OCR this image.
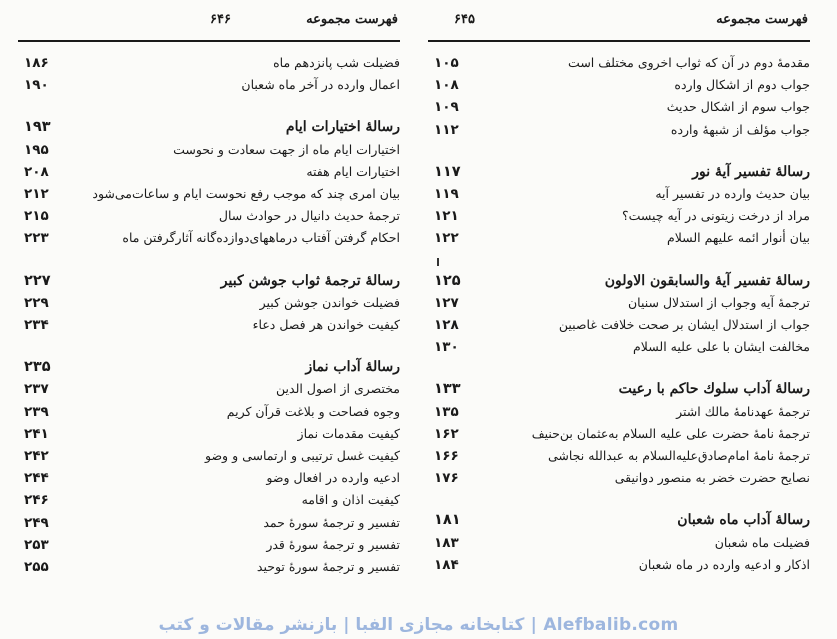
فهرست مجموعه
۶۴۶
فضیلت شب پانزدهم ماه
۱۸۶
اعمال وارده در آخر ماه شعبان
۱۹۰
رسالهٔ اختیارات ایام
۱۹۳
اختیارات ایام ماه از جهت سعادت و نحوست
۱۹۵
اختیارات ایام هفته
۲۰۸
بیان امری چند که موجب رفع نحوست ایام و ساعات‌می‌شود
۲۱۲
ترجمهٔ حدیث دانیال در حوادث سال
۲۱۵
احکام گرفتن آفتاب درماههای‌دوازده‌گانه آثارگرفتن ماه
۲۲۳
رسالهٔ ترجمهٔ ثواب جوشن کبیر
۲۲۷
فضیلت خواندن جوشن کبیر
۲۲۹
کیفیت خواندن هر فصل دعاء
۲۳۴
رسالهٔ آداب نماز
۲۳۵
مختصری از اصول الدین
۲۳۷
وجوه فصاحت و بلاغت قرآن کریم
۲۳۹
کیفیت مقدمات نماز
۲۴۱
کیفیت غسل ترتیبی و ارتماسی و وضو
۲۴۲
ادعیه وارده در افعال وضو
۲۴۴
کیفیت اذان و اقامه
۲۴۶
تفسیر و ترجمهٔ سورهٔ حمد
۲۴۹
تفسیر و ترجمهٔ سورهٔ قدر
۲۵۳
تفسیر و ترجمهٔ سورهٔ توحید
۲۵۵
فهرست مجموعه
۶۴۵
مقدمهٔ دوم در آن که ثواب اخروی مختلف است
۱۰۵
جواب دوم از اشکال وارده
۱۰۸
جواب سوم از اشکال حدیث
۱۰۹
جواب مؤلف از شبههٔ وارده
۱۱۲
رسالهٔ تفسیر آیهٔ نور
۱۱۷
بیان حدیث وارده در تفسیر آیه
۱۱۹
مراد از درخت زیتونی در آیه چیست؟
۱۲۱
بیان أنوار ائمه علیهم السلام
۱۲۲
رسالهٔ تفسیر آیهٔ والسابقون الاولون
۱۲۵
ترجمهٔ آیه وجواب از استدلال سنیان
۱۲۷
جواب از استدلال ایشان بر صحت خلافت غاصبین
۱۲۸
مخالفت ایشان با علی علیه السلام
۱۳۰
رسالهٔ آداب سلوك حاكم با رعیت
۱۳۳
ترجمهٔ عهدنامهٔ مالك اشتر
۱۳۵
ترجمهٔ نامهٔ حضرت علی علیه السلام به‌عثمان بن‌حنیف
۱۶۲
ترجمهٔ نامهٔ امام‌صادق‌علیه‌السلام به عبدالله نجاشی
۱۶۶
نصایح حضرت خضر به منصور دوانیقی
۱۷۶
رسالهٔ آداب ماه شعبان
۱۸۱
فضیلت ماه شعبان
۱۸۳
اذکار و ادعیه وارده در ماه شعبان
۱۸۴
Alefbalib.com | کتابخانه مجازی الفبا | بازنشر مقالات و کتب
